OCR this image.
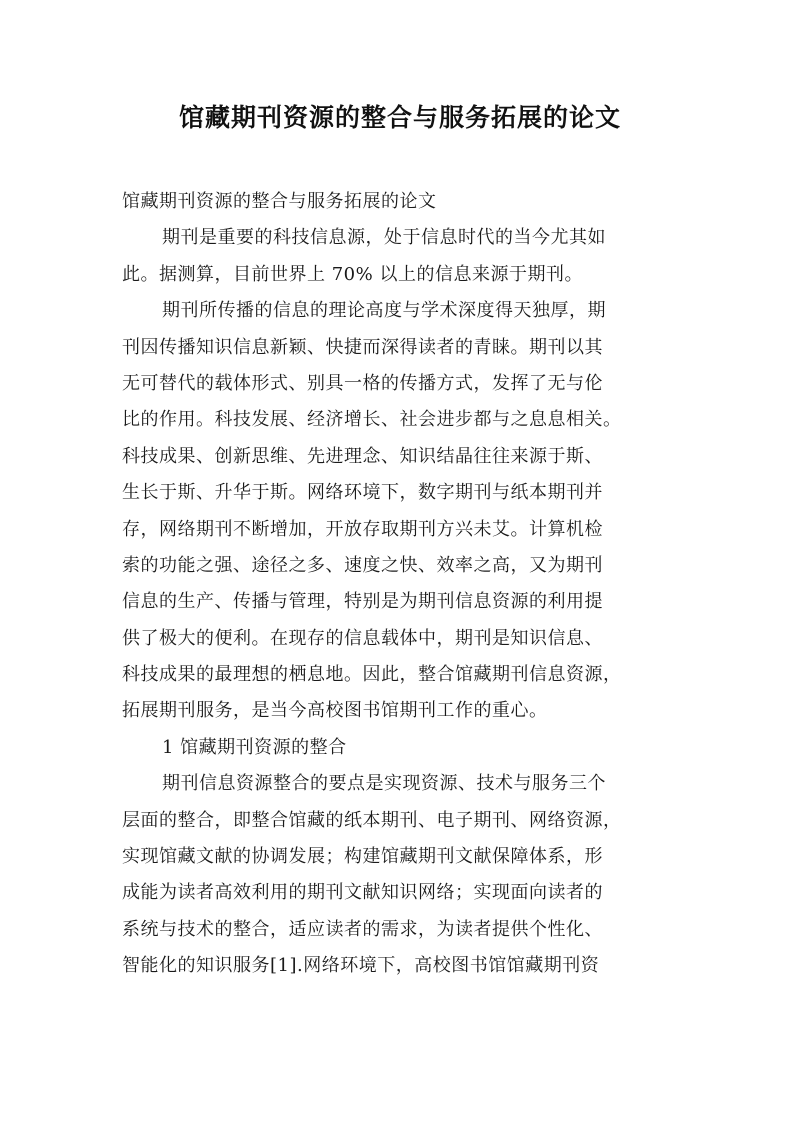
馆藏期刊资源的整合与服务拓展的论文
馆藏期刊资源的整合与服务拓展的论文
期刊是重要的科技信息源，处于信息时代的当今尤其如
此。据测算，目前世界上 70% 以上的信息来源于期刊。
期刊所传播的信息的理论高度与学术深度得天独厚，期
刊因传播知识信息新颖、快捷而深得读者的青睐。期刊以其
无可替代的载体形式、别具一格的传播方式，发挥了无与伦
比的作用。科技发展、经济增长、社会进步都与之息息相关。
科技成果、创新思维、先进理念、知识结晶往往来源于斯、
生长于斯、升华于斯。网络环境下，数字期刊与纸本期刊并
存，网络期刊不断增加，开放存取期刊方兴未艾。计算机检
索的功能之强、途径之多、速度之快、效率之高，又为期刊
信息的生产、传播与管理，特别是为期刊信息资源的利用提
供了极大的便利。在现存的信息载体中，期刊是知识信息、
科技成果的最理想的栖息地。因此，整合馆藏期刊信息资源，
拓展期刊服务，是当今高校图书馆期刊工作的重心。
1 馆藏期刊资源的整合
期刊信息资源整合的要点是实现资源、技术与服务三个
层面的整合，即整合馆藏的纸本期刊、电子期刊、网络资源，
实现馆藏文献的协调发展；构建馆藏期刊文献保障体系，形
成能为读者高效利用的期刊文献知识网络；实现面向读者的
系统与技术的整合，适应读者的需求，为读者提供个性化、
智能化的知识服务[1].网络环境下，高校图书馆馆藏期刊资
